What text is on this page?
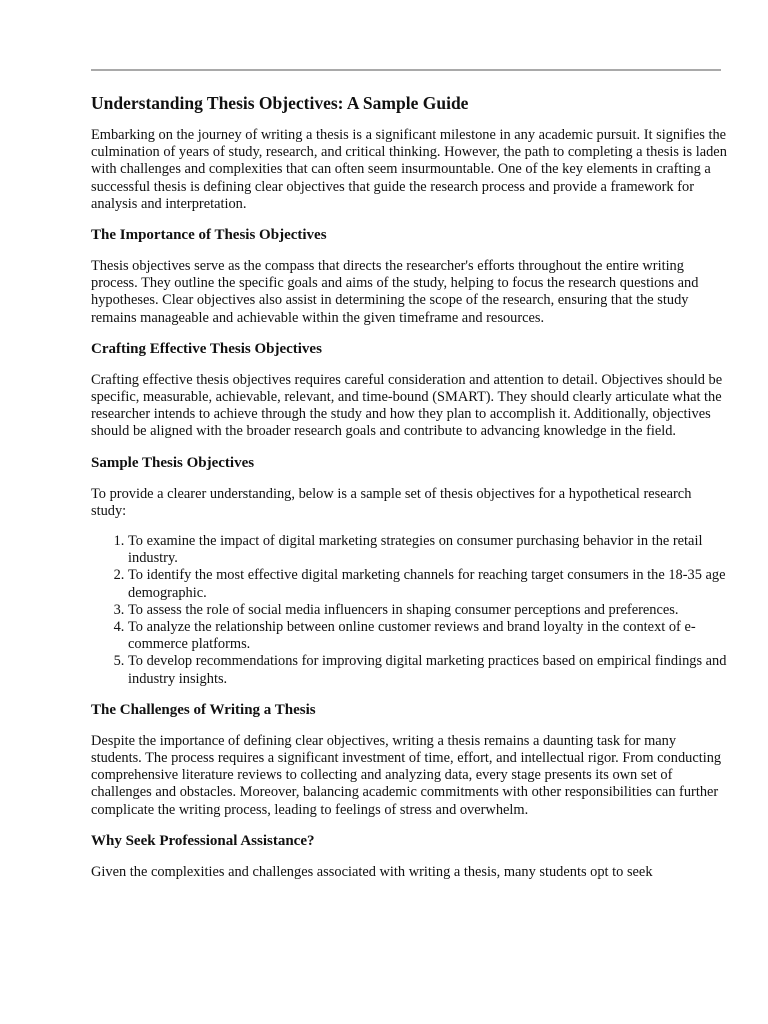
Understanding Thesis Objectives: A Sample Guide

Embarking on the journey of writing a thesis is a significant milestone in any academic pursuit. It signifies the culmination of years of study, research, and critical thinking. However, the path to completing a thesis is laden with challenges and complexities that can often seem insurmountable. One of the key elements in crafting a successful thesis is defining clear objectives that guide the research process and provide a framework for analysis and interpretation.

The Importance of Thesis Objectives

Thesis objectives serve as the compass that directs the researcher's efforts throughout the entire writing process. They outline the specific goals and aims of the study, helping to focus the research questions and hypotheses. Clear objectives also assist in determining the scope of the research, ensuring that the study remains manageable and achievable within the given timeframe and resources.

Crafting Effective Thesis Objectives

Crafting effective thesis objectives requires careful consideration and attention to detail. Objectives should be specific, measurable, achievable, relevant, and time-bound (SMART). They should clearly articulate what the researcher intends to achieve through the study and how they plan to accomplish it. Additionally, objectives should be aligned with the broader research goals and contribute to advancing knowledge in the field.

Sample Thesis Objectives

To provide a clearer understanding, below is a sample set of thesis objectives for a hypothetical research study:

1. To examine the impact of digital marketing strategies on consumer purchasing behavior in the retail industry.
2. To identify the most effective digital marketing channels for reaching target consumers in the 18-35 age demographic.
3. To assess the role of social media influencers in shaping consumer perceptions and preferences.
4. To analyze the relationship between online customer reviews and brand loyalty in the context of e-commerce platforms.
5. To develop recommendations for improving digital marketing practices based on empirical findings and industry insights.
The Challenges of Writing a Thesis

Despite the importance of defining clear objectives, writing a thesis remains a daunting task for many students. The process requires a significant investment of time, effort, and intellectual rigor. From conducting comprehensive literature reviews to collecting and analyzing data, every stage presents its own set of challenges and obstacles. Moreover, balancing academic commitments with other responsibilities can further complicate the writing process, leading to feelings of stress and overwhelm.

Why Seek Professional Assistance?

Given the complexities and challenges associated with writing a thesis, many students opt to seek
